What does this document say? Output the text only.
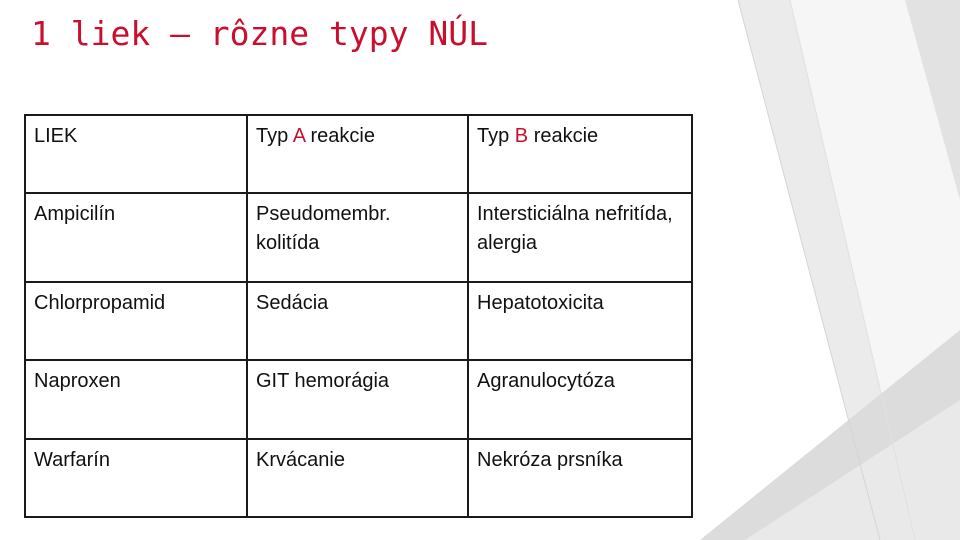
1 liek – rôzne typy NÚL
LIEK	Typ A reakcie	Typ B reakcie
Ampicilín	Pseudomembr. kolitída	Intersticiálna nefritída, alergia
Chlorpropamid	Sedácia	Hepatotoxicita
Naproxen	GIT hemorágia	Agranulocytóza
Warfarín	Krvácanie	Nekróza prsníka
